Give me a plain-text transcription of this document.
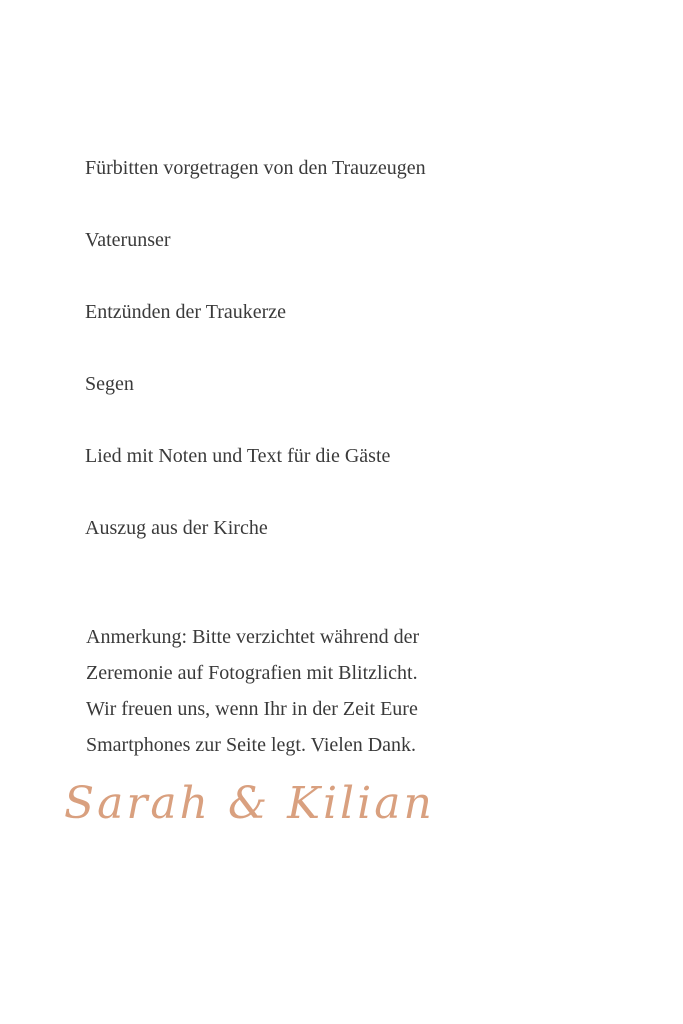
Fürbitten vorgetragen von den Trauzeugen
Vaterunser
Entzünden der Traukerze
Segen
Lied mit Noten und Text für die Gäste
Auszug aus der Kirche

Anmerkung: Bitte verzichtet während der
Zeremonie auf Fotografien mit Blitzlicht.
Wir freuen uns, wenn Ihr in der Zeit Eure
Smartphones zur Seite legt. Vielen Dank.

Sarah & Kilian
